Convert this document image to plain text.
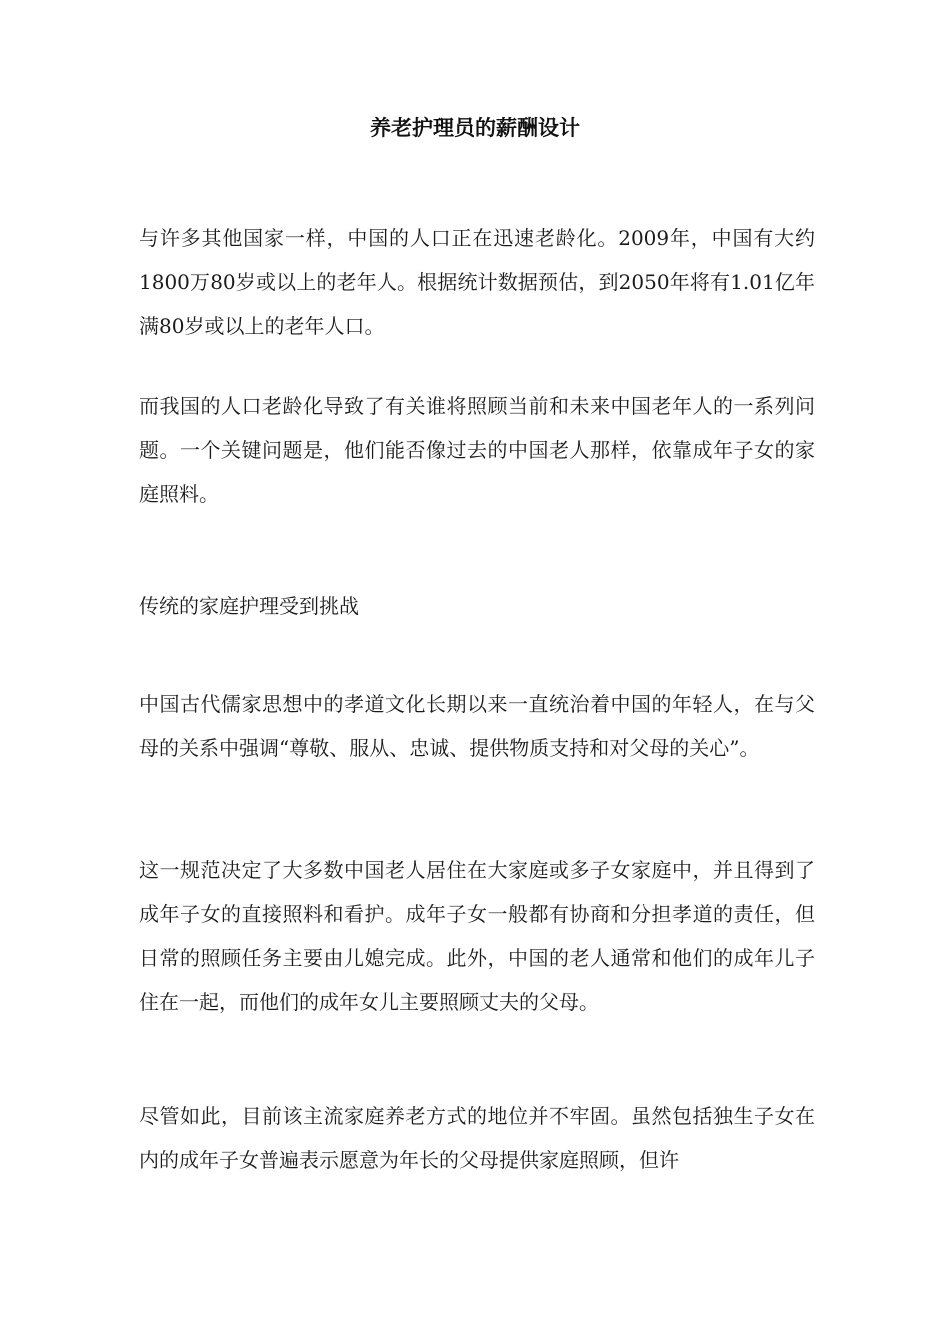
养老护理员的薪酬设计

与许多其他国家一样，中国的人口正在迅速老龄化。2009年，中国有大约1800万80岁或以上的老年人。根据统计数据预估，到2050年将有1.01亿年满80岁或以上的老年人口。

而我国的人口老龄化导致了有关谁将照顾当前和未来中国老年人的一系列问题。一个关键问题是，他们能否像过去的中国老人那样，依靠成年子女的家庭照料。

传统的家庭护理受到挑战

中国古代儒家思想中的孝道文化长期以来一直统治着中国的年轻人，在与父母的关系中强调“尊敬、服从、忠诚、提供物质支持和对父母的关心”。

这一规范决定了大多数中国老人居住在大家庭或多子女家庭中，并且得到了成年子女的直接照料和看护。成年子女一般都有协商和分担孝道的责任，但日常的照顾任务主要由儿媳完成。此外，中国的老人通常和他们的成年儿子住在一起，而他们的成年女儿主要照顾丈夫的父母。

尽管如此，目前该主流家庭养老方式的地位并不牢固。虽然包括独生子女在内的成年子女普遍表示愿意为年长的父母提供家庭照顾，但许
